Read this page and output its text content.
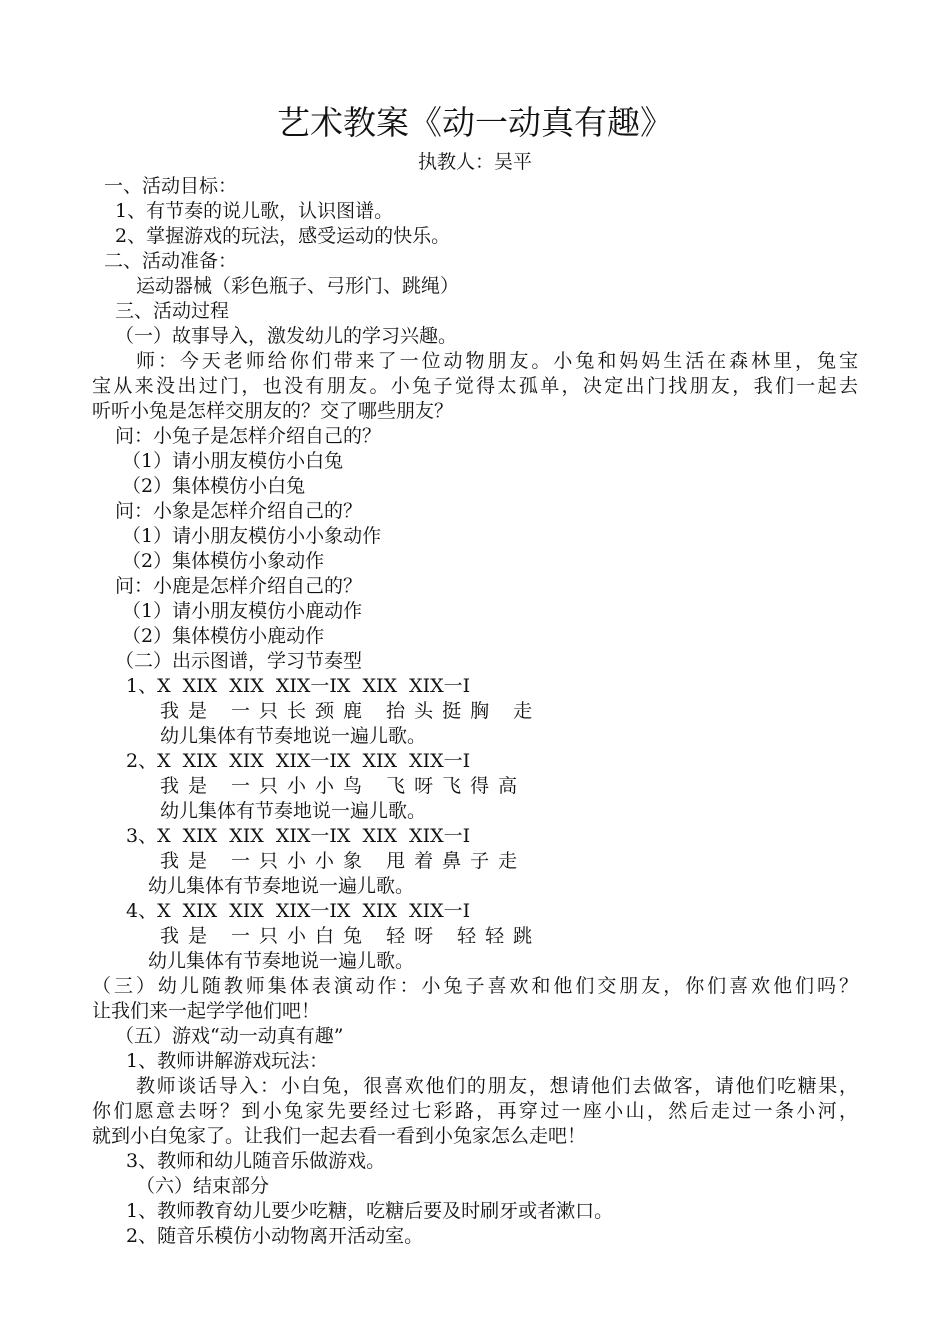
艺术教案《动一动真有趣》
执教人：吴平
一、活动目标：
1、有节奏的说儿歌，认识图谱。
2、掌握游戏的玩法，感受运动的快乐。
二、活动准备：
运动器械（彩色瓶子、弓形门、跳绳）
三、活动过程
（一）故事导入，激发幼儿的学习兴趣。
师：今天老师给你们带来了一位动物朋友。小兔和妈妈生活在森林里，兔宝
宝从来没出过门，也没有朋友。小兔子觉得太孤单，决定出门找朋友，我们一起去
听听小兔是怎样交朋友的？交了哪些朋友？
问：小兔子是怎样介绍自己的？
（1）请小朋友模仿小白兔
（2）集体模仿小白兔
问：小象是怎样介绍自己的？
（1）请小朋友模仿小小象动作
（2）集体模仿小象动作
问：小鹿是怎样介绍自己的？
（1）请小朋友模仿小鹿动作
（2）集体模仿小鹿动作
（二）出示图谱，学习节奏型
1、X XIX XIX XIX一IX XIX XIX一I
我是 一只长颈鹿 抬头挺胸 走
幼儿集体有节奏地说一遍儿歌。
2、X XIX XIX XIX一IX XIX XIX一I
我是 一只小小鸟 飞呀飞得高
幼儿集体有节奏地说一遍儿歌。
3、X XIX XIX XIX一IX XIX XIX一I
我是 一只小小象 甩着鼻子走
幼儿集体有节奏地说一遍儿歌。
4、X XIX XIX XIX一IX XIX XIX一I
我是 一只小白兔 轻呀 轻轻跳
幼儿集体有节奏地说一遍儿歌。
（三）幼儿随教师集体表演动作：小兔子喜欢和他们交朋友，你们喜欢他们吗？
让我们来一起学学他们吧！
（五）游戏“动一动真有趣”
1、教师讲解游戏玩法：
教师谈话导入：小白兔，很喜欢他们的朋友，想请他们去做客，请他们吃糖果，
你们愿意去呀？到小兔家先要经过七彩路，再穿过一座小山，然后走过一条小河，
就到小白兔家了。让我们一起去看一看到小兔家怎么走吧！
3、教师和幼儿随音乐做游戏。
（六）结束部分
1、教师教育幼儿要少吃糖，吃糖后要及时刷牙或者漱口。
2、随音乐模仿小动物离开活动室。
